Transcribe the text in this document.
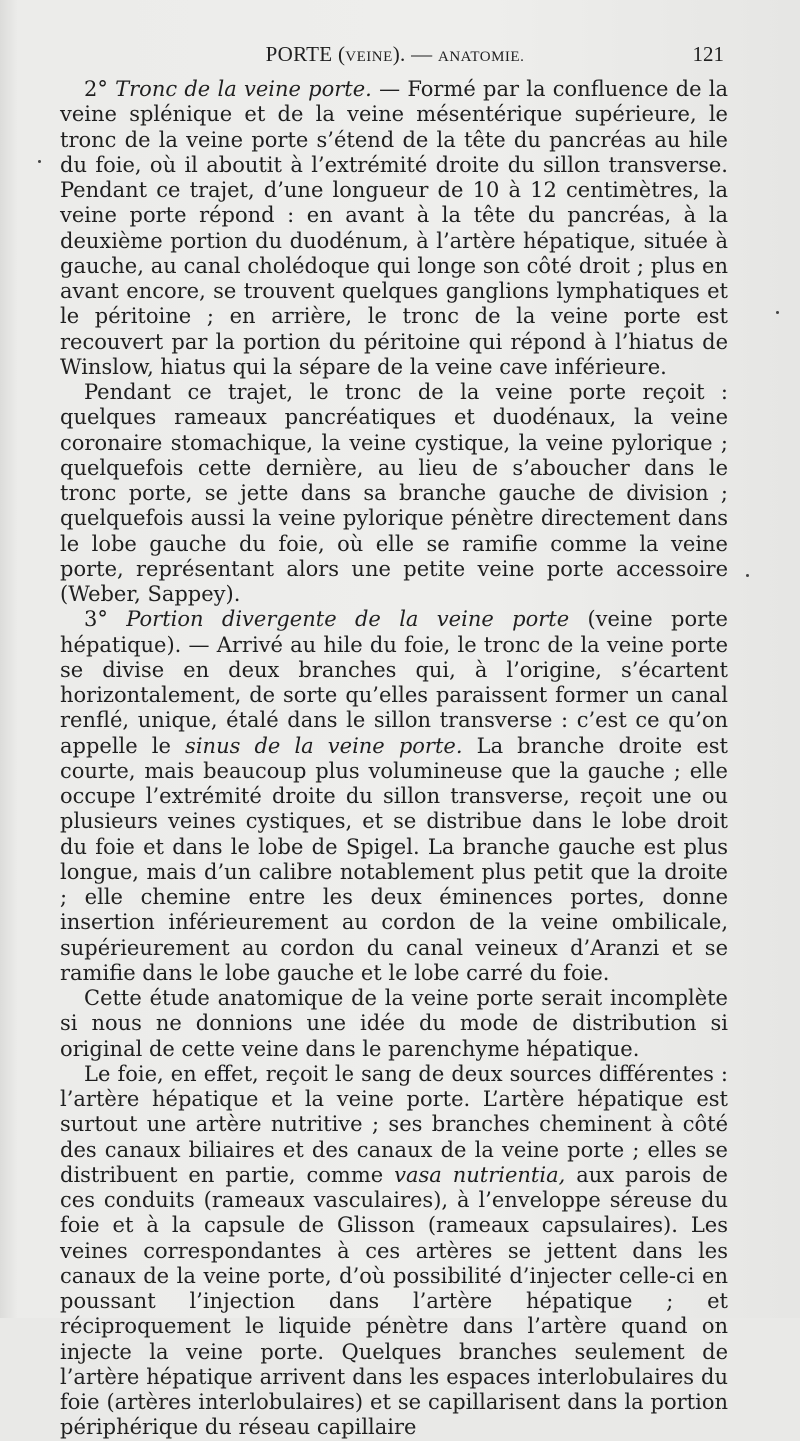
PORTE (VEINE). — ANATOMIE.	121

2° Tronc de la veine porte. — Formé par la confluence de la veine splénique et de la veine mésentérique supérieure, le tronc de la veine porte s’étend de la tête du pancréas au hile du foie, où il aboutit à l’extrémité droite du sillon transverse. Pendant ce trajet, d’une longueur de 10 à 12 centimètres, la veine porte répond : en avant à la tête du pancréas, à la deuxième portion du duodénum, à l’artère hépatique, située à gauche, au canal cholédoque qui longe son côté droit ; plus en avant encore, se trouvent quelques ganglions lymphatiques et le péritoine ; en arrière, le tronc de la veine porte est recouvert par la portion du péritoine qui répond à l’hiatus de Winslow, hiatus qui la sépare de la veine cave inférieure.

Pendant ce trajet, le tronc de la veine porte reçoit : quelques rameaux pancréatiques et duodénaux, la veine coronaire stomachique, la veine cystique, la veine pylorique ; quelquefois cette dernière, au lieu de s’aboucher dans le tronc porte, se jette dans sa branche gauche de division ; quelquefois aussi la veine pylorique pénètre directement dans le lobe gauche du foie, où elle se ramifie comme la veine porte, représentant alors une petite veine porte accessoire (Weber, Sappey).

3° Portion divergente de la veine porte (veine porte hépatique). — Arrivé au hile du foie, le tronc de la veine porte se divise en deux branches qui, à l’origine, s’écartent horizontalement, de sorte qu’elles paraissent former un canal renflé, unique, étalé dans le sillon transverse : c’est ce qu’on appelle le sinus de la veine porte. La branche droite est courte, mais beaucoup plus volumineuse que la gauche ; elle occupe l’extrémité droite du sillon transverse, reçoit une ou plusieurs veines cystiques, et se distribue dans le lobe droit du foie et dans le lobe de Spigel. La branche gauche est plus longue, mais d’un calibre notablement plus petit que la droite ; elle chemine entre les deux éminences portes, donne insertion inférieurement au cordon de la veine ombilicale, supérieurement au cordon du canal veineux d’Aranzi et se ramifie dans le lobe gauche et le lobe carré du foie.

Cette étude anatomique de la veine porte serait incomplète si nous ne donnions une idée du mode de distribution si original de cette veine dans le parenchyme hépatique.

Le foie, en effet, reçoit le sang de deux sources différentes : l’artère hépatique et la veine porte. L’artère hépatique est surtout une artère nutritive ; ses branches cheminent à côté des canaux biliaires et des canaux de la veine porte ; elles se distribuent en partie, comme vasa nutrientia, aux parois de ces conduits (rameaux vasculaires), à l’enveloppe séreuse du foie et à la capsule de Glisson (rameaux capsulaires). Les veines correspondantes à ces artères se jettent dans les canaux de la veine porte, d’où possibilité d’injecter celle-ci en poussant l’injection dans l’artère hépatique ; et réciproquement le liquide pénètre dans l’artère quand on injecte la veine porte. Quelques branches seulement de l’artère hépatique arrivent dans les espaces interlobulaires du foie (artères interlobulaires) et se capillarisent dans la portion périphérique du réseau capillaire
